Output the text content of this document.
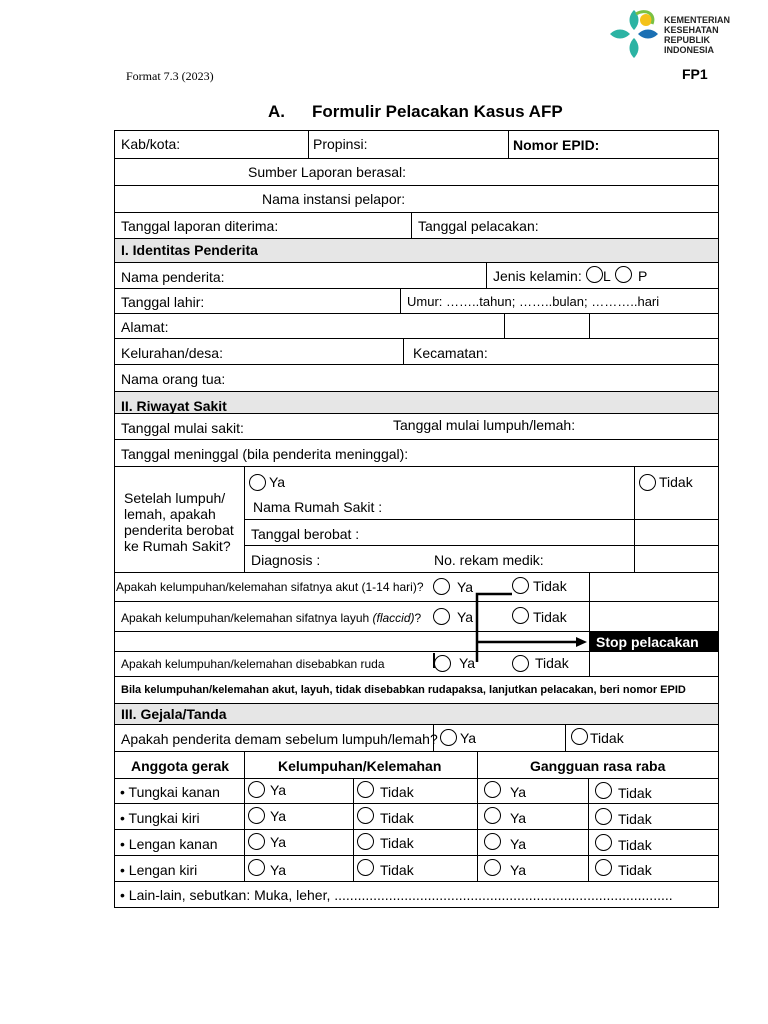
KEMENTERIAN
KESEHATAN
REPUBLIK
INDONESIA
Format 7.3 (2023)	FP1
A. Formulir Pelacakan Kasus AFP
Kab/kota:	Propinsi:	Nomor EPID:
Sumber Laporan berasal:
Nama instansi pelapor:
Tanggal laporan diterima:	Tanggal pelacakan:
I. Identitas Penderita
Nama penderita:	Jenis kelamin: L P
Tanggal lahir:	Umur: ……..tahun; ……..bulan; ………..hari
Alamat:
Kelurahan/desa:	Kecamatan:
Nama orang tua:
II. Riwayat Sakit
Tanggal mulai sakit:	Tanggal mulai lumpuh/lemah:
Tanggal meninggal (bila penderita meninggal):
Setelah lumpuh/
lemah, apakah
penderita berobat
ke Rumah Sakit?
Ya	Tidak
Nama Rumah Sakit :
Tanggal berobat :
Diagnosis :	No. rekam medik:
Apakah kelumpuhan/kelemahan sifatnya akut (1-14 hari)? Ya	Tidak
Apakah kelumpuhan/kelemahan sifatnya layuh (flaccid)?	Ya	Tidak
Stop pelacakan
Apakah kelumpuhan/kelemahan disebabkan ruda	Ya	Tidak
Bila kelumpuhan/kelemahan akut, layuh, tidak disebabkan rudapaksa, lanjutkan pelacakan, beri nomor EPID
III. Gejala/Tanda
Apakah penderita demam sebelum lumpuh/lemah? Ya	Tidak
Anggota gerak	Kelumpuhan/Kelemahan	Gangguan rasa raba
• Tungkai kanan	Ya	Tidak	Ya	Tidak
• Tungkai kiri	Ya	Tidak	Ya	Tidak
• Lengan kanan	Ya	Tidak	Ya	Tidak
• Lengan kiri	Ya	Tidak	Ya	Tidak
• Lain-lain, sebutkan: Muka, leher, .......................................................................................
